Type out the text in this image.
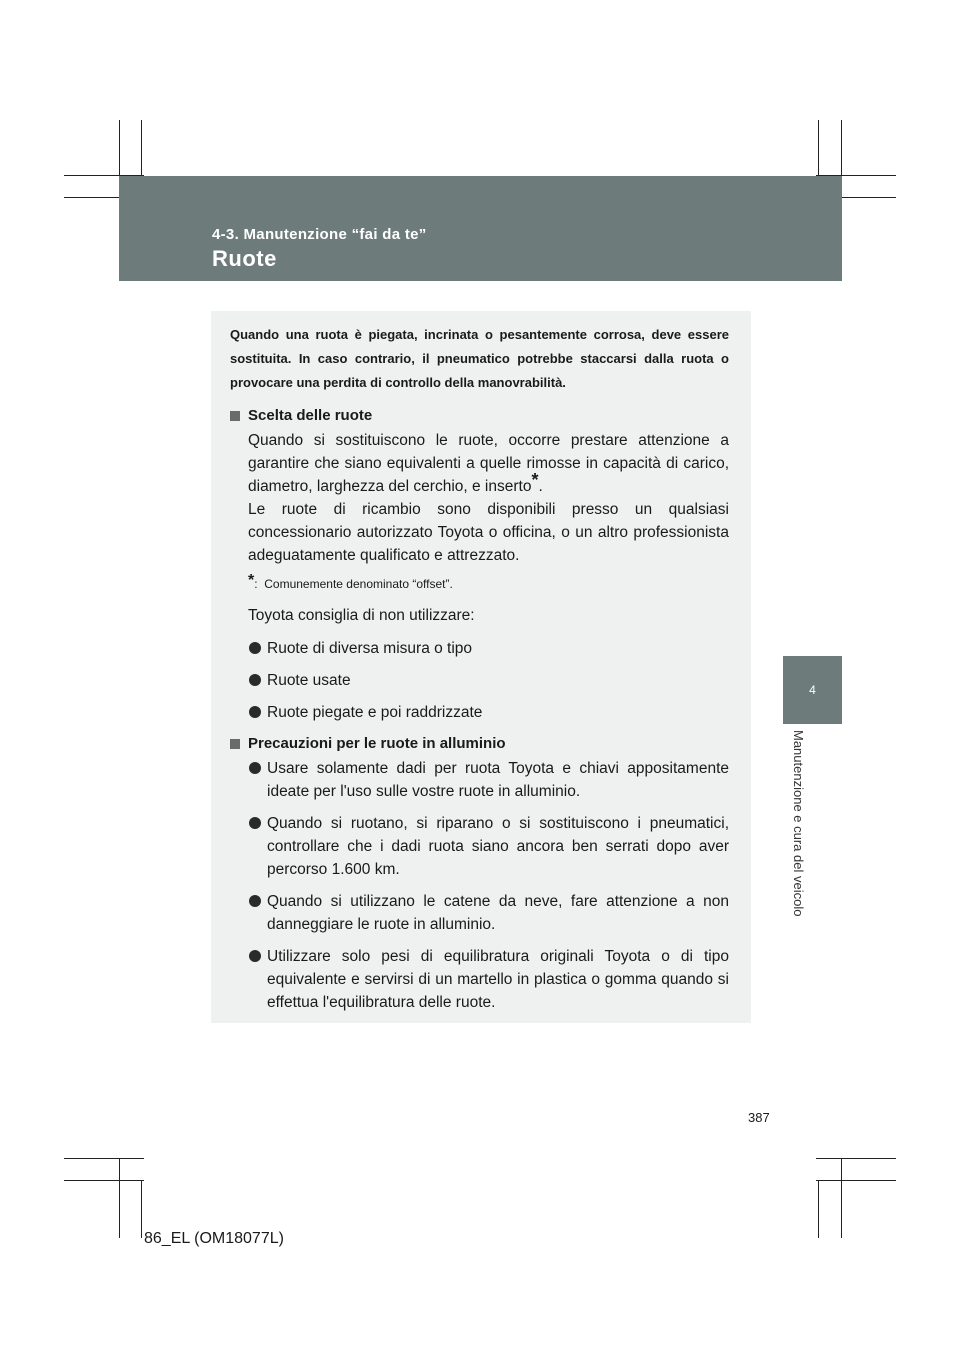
4-3. Manutenzione “fai da te”
Ruote
4
Manutenzione e cura del veicolo

Quando una ruota è piegata, incrinata o pesantemente corrosa, deve essere sostituita. In caso contrario, il pneumatico potrebbe staccarsi dalla ruota o provocare una perdita di controllo della manovrabilità.

Scelta delle ruote

Quando si sostituiscono le ruote, occorre prestare attenzione a garantire che siano equivalenti a quelle rimosse in capacità di carico, diametro, larghezza del cerchio, e inserto*.

Le ruote di ricambio sono disponibili presso un qualsiasi concessionario autorizzato Toyota o officina, o un altro professionista adeguatamente qualificato e attrezzato.

*: Comunemente denominato “offset”.

Toyota consiglia di non utilizzare:

Ruote di diversa misura o tipo
Ruote usate
Ruote piegate e poi raddrizzate
Precauzioni per le ruote in alluminio
Usare solamente dadi per ruota Toyota e chiavi appositamente ideate per l'uso sulle vostre ruote in alluminio.
Quando si ruotano, si riparano o si sostituiscono i pneumatici, controllare che i dadi ruota siano ancora ben serrati dopo aver percorso 1.600 km.
Quando si utilizzano le catene da neve, fare attenzione a non danneggiare le ruote in alluminio.
Utilizzare solo pesi di equilibratura originali Toyota o di tipo equivalente e servirsi di un martello in plastica o gomma quando si effettua l'equilibratura delle ruote.
387
86_EL (OM18077L)
